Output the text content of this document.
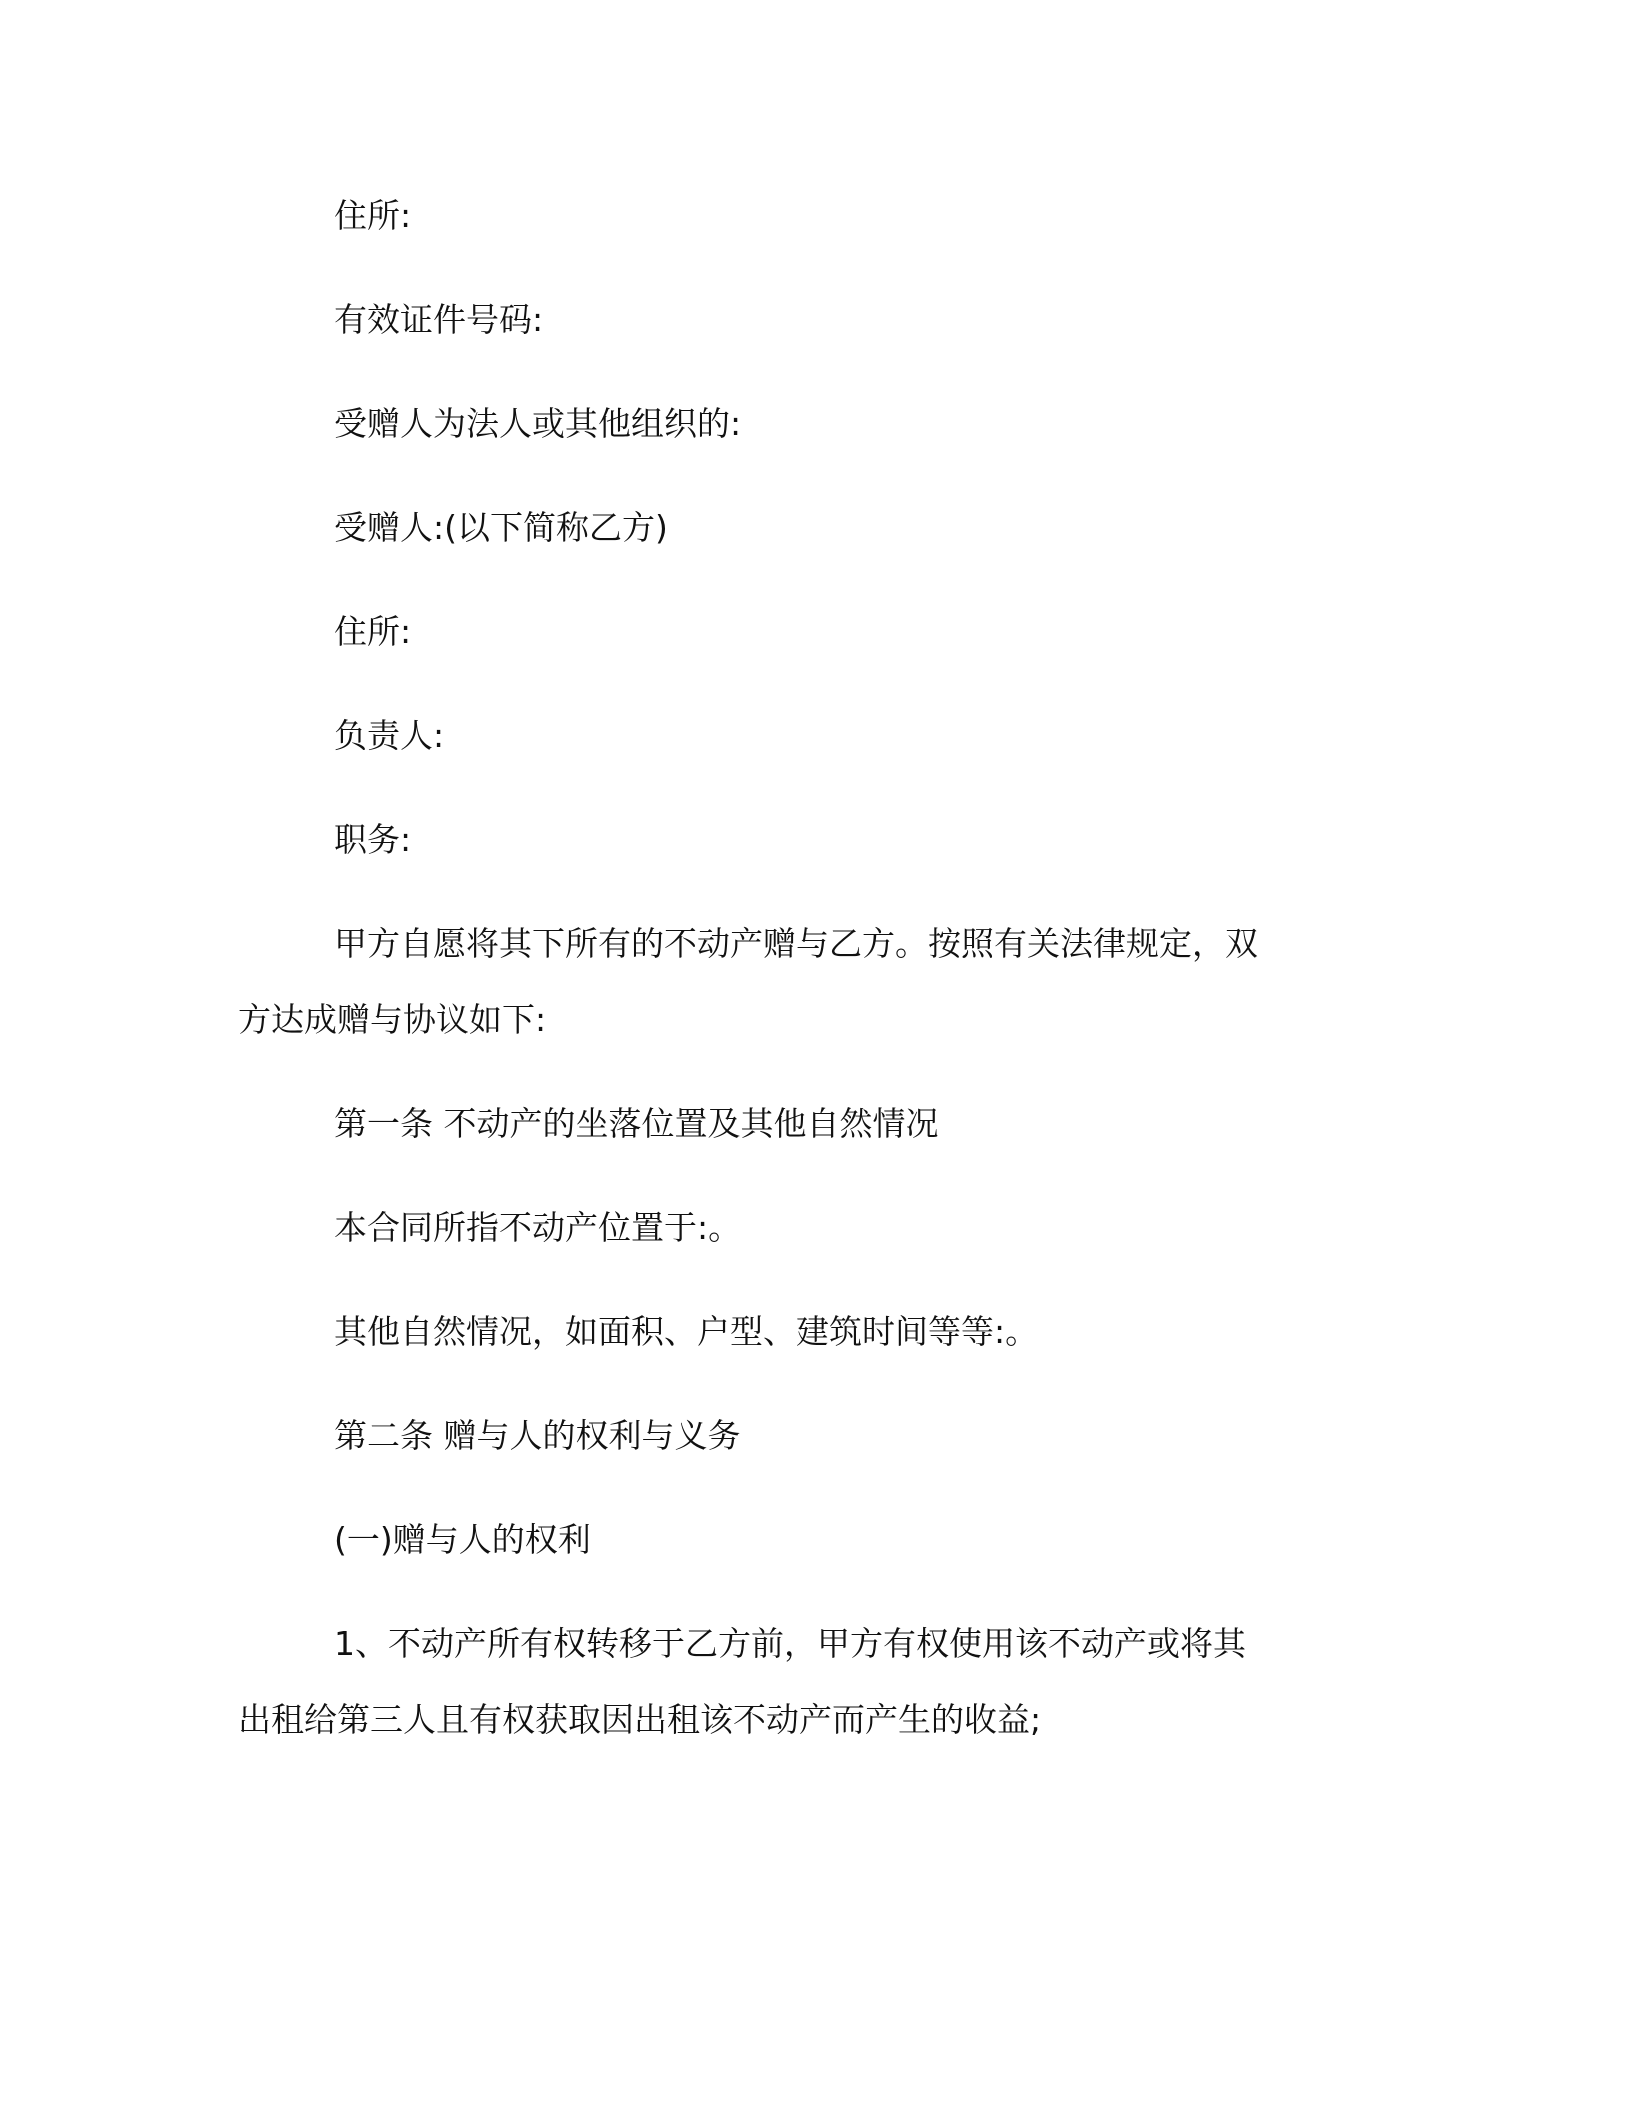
住所:
有效证件号码:
受赠人为法人或其他组织的:
受赠人:(以下简称乙方)
住所:
负责人:
职务:
甲方自愿将其下所有的不动产赠与乙方。按照有关法律规定，双
方达成赠与协议如下:
第一条 不动产的坐落位置及其他自然情况
本合同所指不动产位置于:。
其他自然情况，如面积、户型、建筑时间等等:。
第二条 赠与人的权利与义务
(一)赠与人的权利
1、不动产所有权转移于乙方前，甲方有权使用该不动产或将其
出租给第三人且有权获取因出租该不动产而产生的收益;
